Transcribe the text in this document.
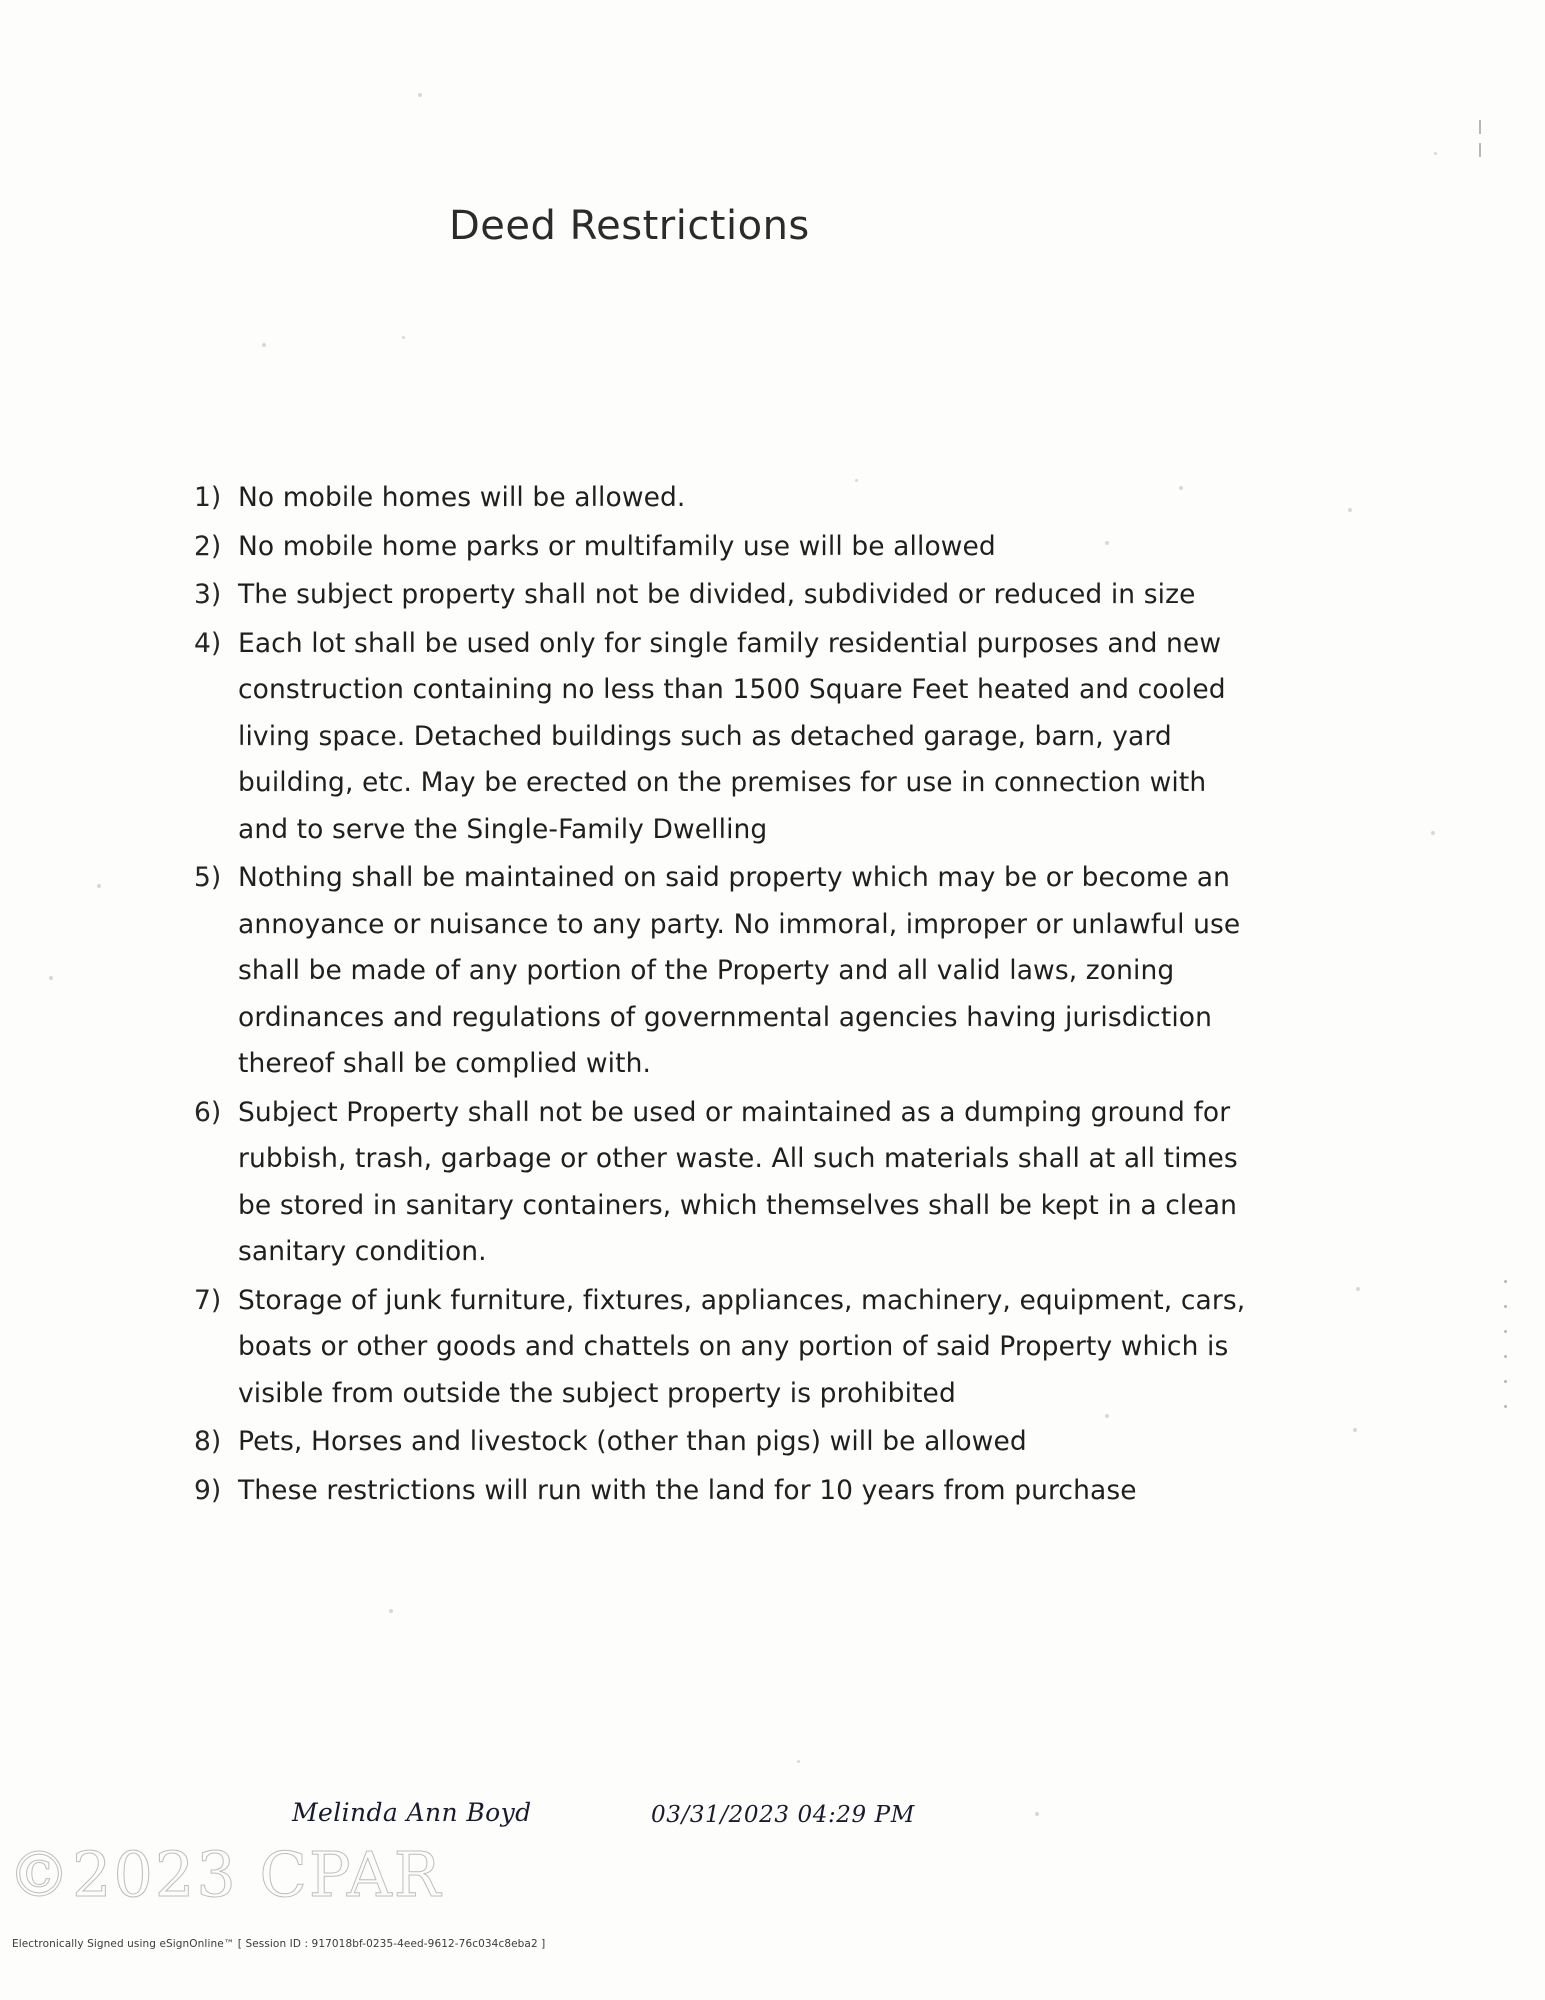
Deed Restrictions
1) No mobile homes will be allowed.
2) No mobile home parks or multifamily use will be allowed
3) The subject property shall not be divided, subdivided or reduced in size
4) Each lot shall be used only for single family residential purposes and new construction containing no less than 1500 Square Feet heated and cooled living space. Detached buildings such as detached garage, barn, yard building, etc. May be erected on the premises for use in connection with and to serve the Single-Family Dwelling
5) Nothing shall be maintained on said property which may be or become an annoyance or nuisance to any party. No immoral, improper or unlawful use shall be made of any portion of the Property and all valid laws, zoning ordinances and regulations of governmental agencies having jurisdiction thereof shall be complied with.
6) Subject Property shall not be used or maintained as a dumping ground for rubbish, trash, garbage or other waste. All such materials shall at all times be stored in sanitary containers, which themselves shall be kept in a clean sanitary condition.
7) Storage of junk furniture, fixtures, appliances, machinery, equipment, cars, boats or other goods and chattels on any portion of said Property which is visible from outside the subject property is prohibited
8) Pets, Horses and livestock (other than pigs) will be allowed
9) These restrictions will run with the land for 10 years from purchase
Melinda Ann Boyd	03/31/2023 04:29 PM
©2023 CPAR
Electronically Signed using eSignOnline™ [ Session ID : 917018bf-0235-4eed-9612-76c034c8eba2 ]
